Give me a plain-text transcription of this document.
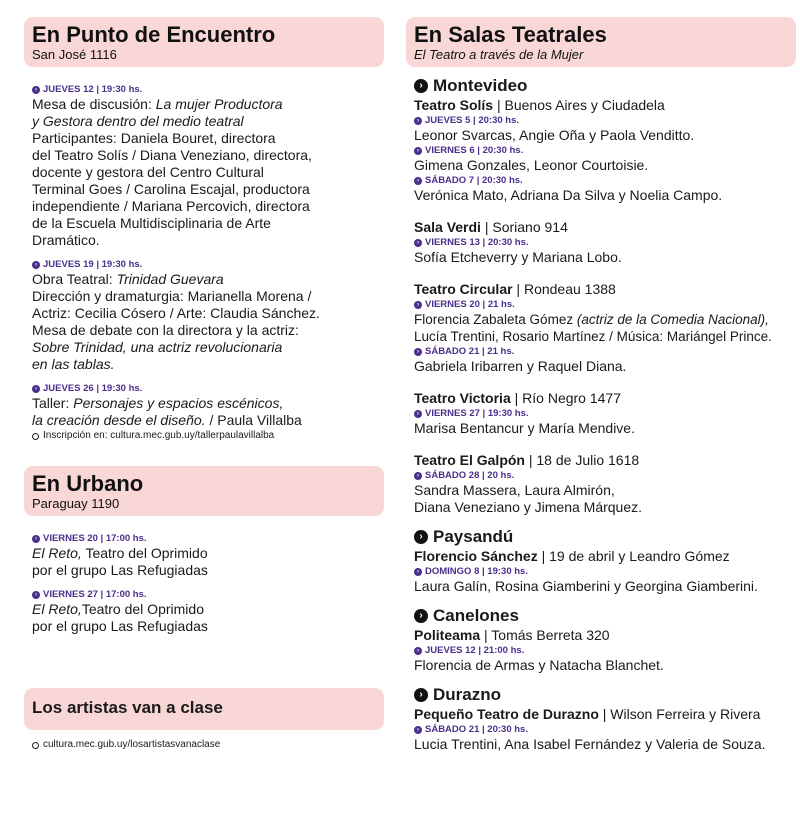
En Punto de Encuentro
San José 1116
› JUEVES 12 | 19:30 hs.
Mesa de discusión: La mujer Productora
y Gestora dentro del medio teatral
Participantes: Daniela Bouret, directora
del Teatro Solís / Diana Veneziano, directora,
docente y gestora del Centro Cultural
Terminal Goes / Carolina Escajal, productora
independiente / Mariana Percovich, directora
de la Escuela Multidisciplinaria de Arte
Dramático.
› JUEVES 19 | 19:30 hs.
Obra Teatral: Trinidad Guevara
Dirección y dramaturgia: Marianella Morena /
Actriz: Cecilia Cósero / Arte: Claudia Sánchez.
Mesa de debate con la directora y la actriz:
Sobre Trinidad, una actriz revolucionaria
en las tablas.
› JUEVES 26 | 19:30 hs.
Taller: Personajes y espacios escénicos,
la creación desde el diseño. / Paula Villalba
Inscripción en: cultura.mec.gub.uy/tallerpaulavillalba
En Urbano
Paraguay 1190
› VIERNES 20 | 17:00 hs.
El Reto, Teatro del Oprimido
por el grupo Las Refugiadas
› VIERNES 27 | 17:00 hs.
El Reto,Teatro del Oprimido
por el grupo Las Refugiadas
Los artistas van a clase
cultura.mec.gub.uy/losartistasvanaclase
En Salas Teatrales
El Teatro a través de la Mujer
› Montevideo
Teatro Solís | Buenos Aires y Ciudadela
› JUEVES 5 | 20:30 hs.
Leonor Svarcas, Angie Oña y Paola Venditto.
› VIERNES 6 | 20:30 hs.
Gimena Gonzales, Leonor Courtoisie.
› SÁBADO 7 | 20:30 hs.
Verónica Mato, Adriana Da Silva y Noelia Campo.
Sala Verdi | Soriano 914
› VIERNES 13 | 20:30 hs.
Sofía Etcheverry y Mariana Lobo.
Teatro Circular | Rondeau 1388
› VIERNES 20 | 21 hs.
Florencia Zabaleta Gómez (actriz de la Comedia Nacional),
Lucía Trentini, Rosario Martínez / Música: Mariángel Prince.
› SÁBADO 21 | 21 hs.
Gabriela Iribarren y Raquel Diana.
Teatro Victoria | Río Negro 1477
› VIERNES 27 | 19:30 hs.
Marisa Bentancur y María Mendive.
Teatro El Galpón | 18 de Julio 1618
› SÁBADO 28 | 20 hs.
Sandra Massera, Laura Almirón,
Diana Veneziano y Jimena Márquez.
› Paysandú
Florencio Sánchez | 19 de abril y Leandro Gómez
› DOMINGO 8 | 19:30 hs.
Laura Galín, Rosina Giamberini y Georgina Giamberini.
› Canelones
Politeama | Tomás Berreta 320
› JUEVES 12 | 21:00 hs.
Florencia de Armas y Natacha Blanchet.
› Durazno
Pequeño Teatro de Durazno | Wilson Ferreira y Rivera
› SÁBADO 21 | 20:30 hs.
Lucia Trentini, Ana Isabel Fernández y Valeria de Souza.
